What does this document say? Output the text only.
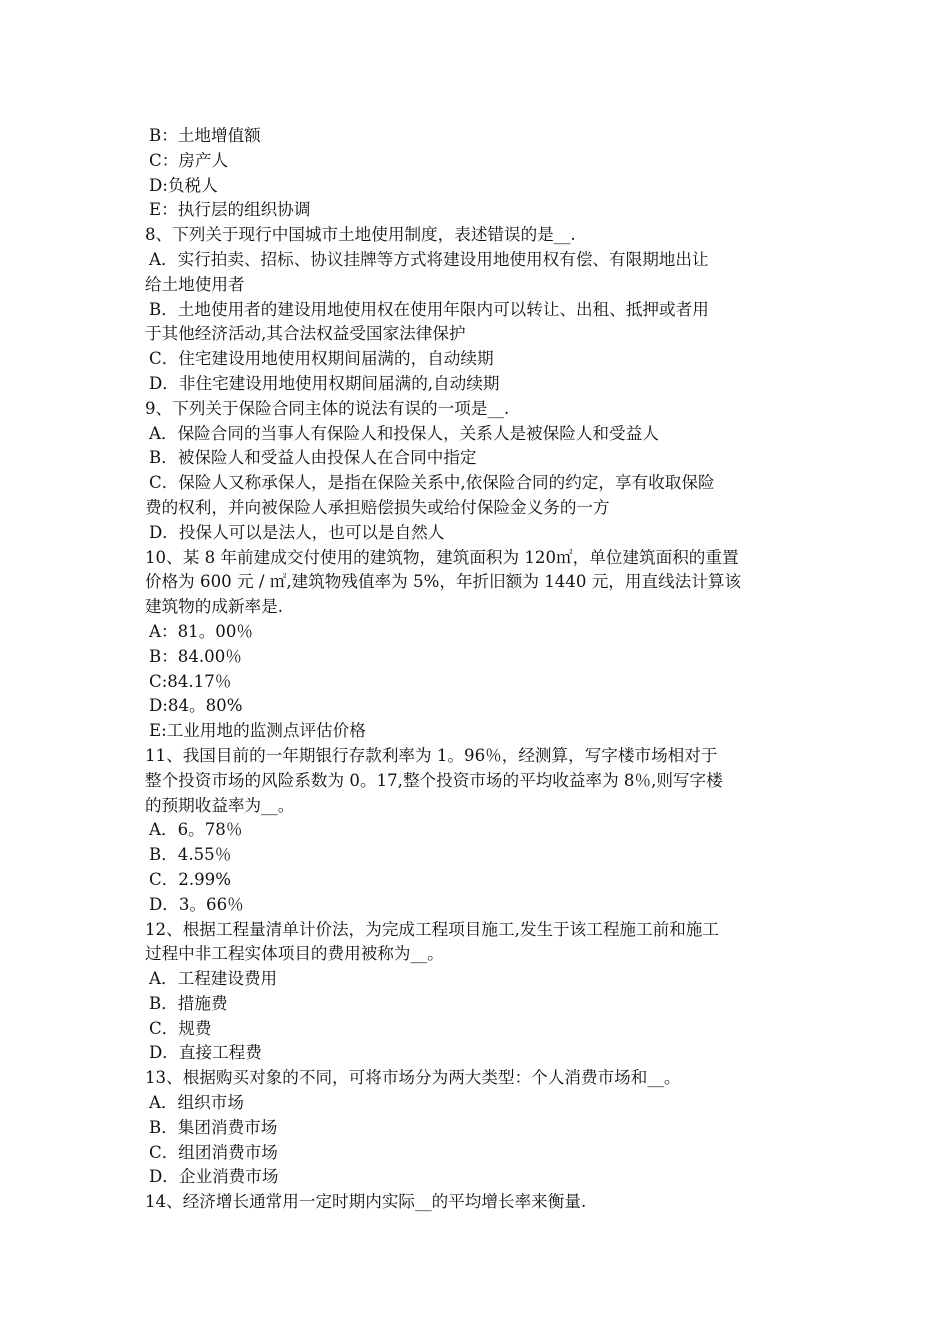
B：土地增值额
C：房产人
D:负税人
E：执行层的组织协调
8、下列关于现行中国城市土地使用制度，表述错误的是__.
A．实行拍卖、招标、协议挂牌等方式将建设用地使用权有偿、有限期地出让
给土地使用者
B．土地使用者的建设用地使用权在使用年限内可以转让、出租、抵押或者用
于其他经济活动,其合法权益受国家法律保护
C．住宅建设用地使用权期间届满的，自动续期
D．非住宅建设用地使用权期间届满的,自动续期
9、下列关于保险合同主体的说法有误的一项是__.
A．保险合同的当事人有保险人和投保人，关系人是被保险人和受益人
B．被保险人和受益人由投保人在合同中指定
C．保险人又称承保人，是指在保险关系中,依保险合同的约定，享有收取保险
费的权利，并向被保险人承担赔偿损失或给付保险金义务的一方
D．投保人可以是法人，也可以是自然人
10、某 8 年前建成交付使用的建筑物，建筑面积为 120㎡，单位建筑面积的重置
价格为 600 元 / ㎡,建筑物残值率为 5%，年折旧额为 1440 元，用直线法计算该
建筑物的成新率是.
A：81。00％
B：84.00％
C:84.17％
D:84。80%
E:工业用地的监测点评估价格
11、我国目前的一年期银行存款利率为 1。96％，经测算，写字楼市场相对于
整个投资市场的风险系数为 0。17,整个投资市场的平均收益率为 8％,则写字楼
的预期收益率为__。
A．6。78％
B．4.55％
C．2.99%
D．3。66％
12、根据工程量清单计价法，为完成工程项目施工,发生于该工程施工前和施工
过程中非工程实体项目的费用被称为__。
A．工程建设费用
B．措施费
C．规费
D．直接工程费
13、根据购买对象的不同，可将市场分为两大类型：个人消费市场和__。
A．组织市场
B．集团消费市场
C．组团消费市场
D．企业消费市场
14、经济增长通常用一定时期内实际__的平均增长率来衡量.
